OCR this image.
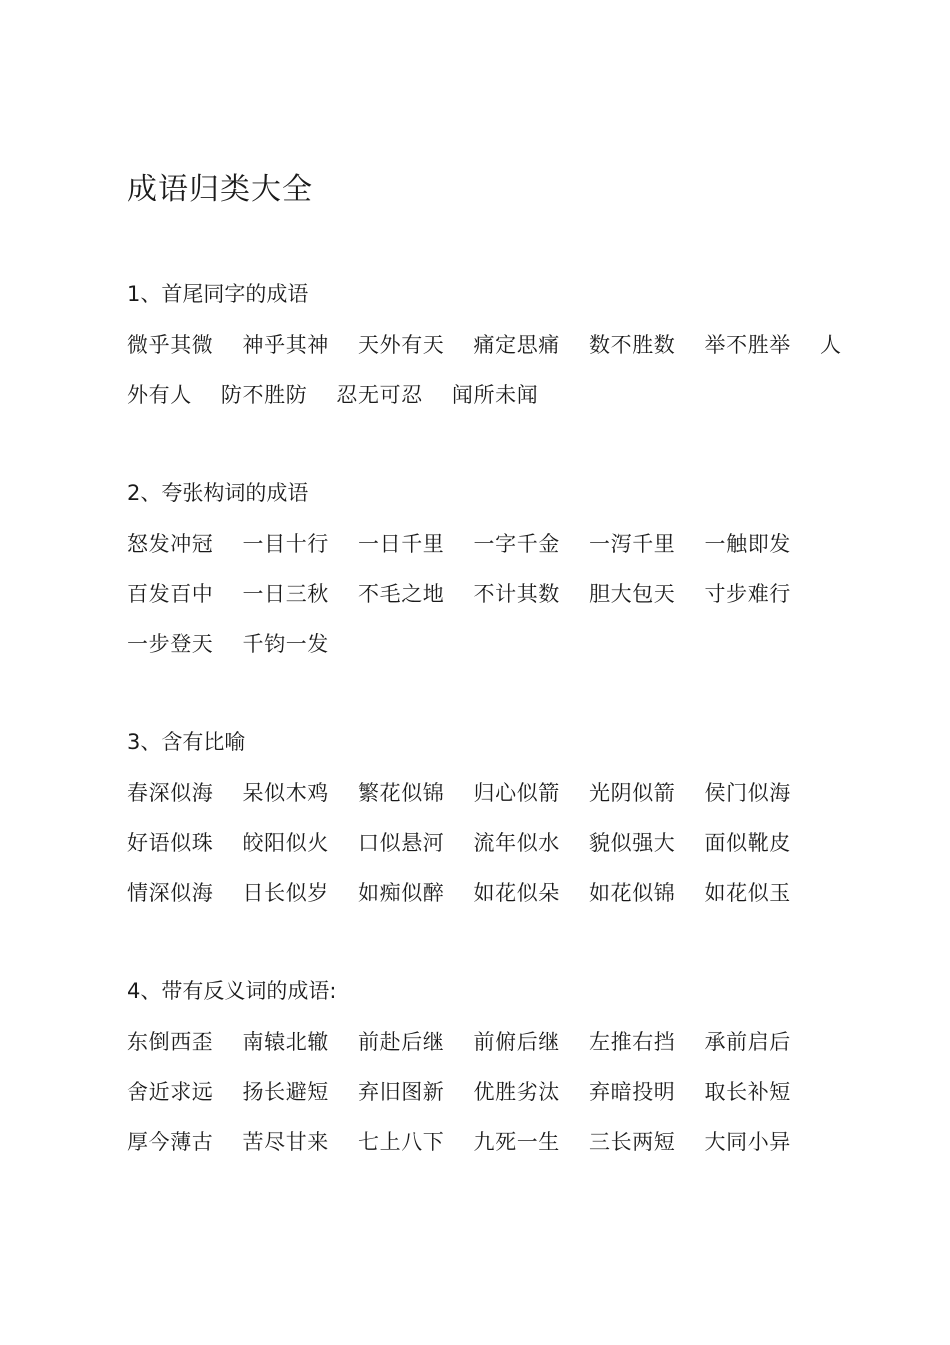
成语归类大全
1、首尾同字的成语
微乎其微    神乎其神    天外有天    痛定思痛    数不胜数    举不胜举    人
外有人    防不胜防    忍无可忍    闻所未闻
2、夸张构词的成语
怒发冲冠    一目十行    一日千里    一字千金    一泻千里    一触即发
百发百中    一日三秋    不毛之地    不计其数    胆大包天    寸步难行
一步登天    千钧一发
3、含有比喻
春深似海    呆似木鸡    繁花似锦    归心似箭    光阴似箭    侯门似海
好语似珠    皎阳似火    口似悬河    流年似水    貌似强大    面似靴皮
情深似海    日长似岁    如痴似醉    如花似朵    如花似锦    如花似玉
4、带有反义词的成语:
东倒西歪    南辕北辙    前赴后继    前俯后继    左推右挡    承前启后
舍近求远    扬长避短    弃旧图新    优胜劣汰    弃暗投明    取长补短
厚今薄古    苦尽甘来    七上八下    九死一生    三长两短    大同小异
